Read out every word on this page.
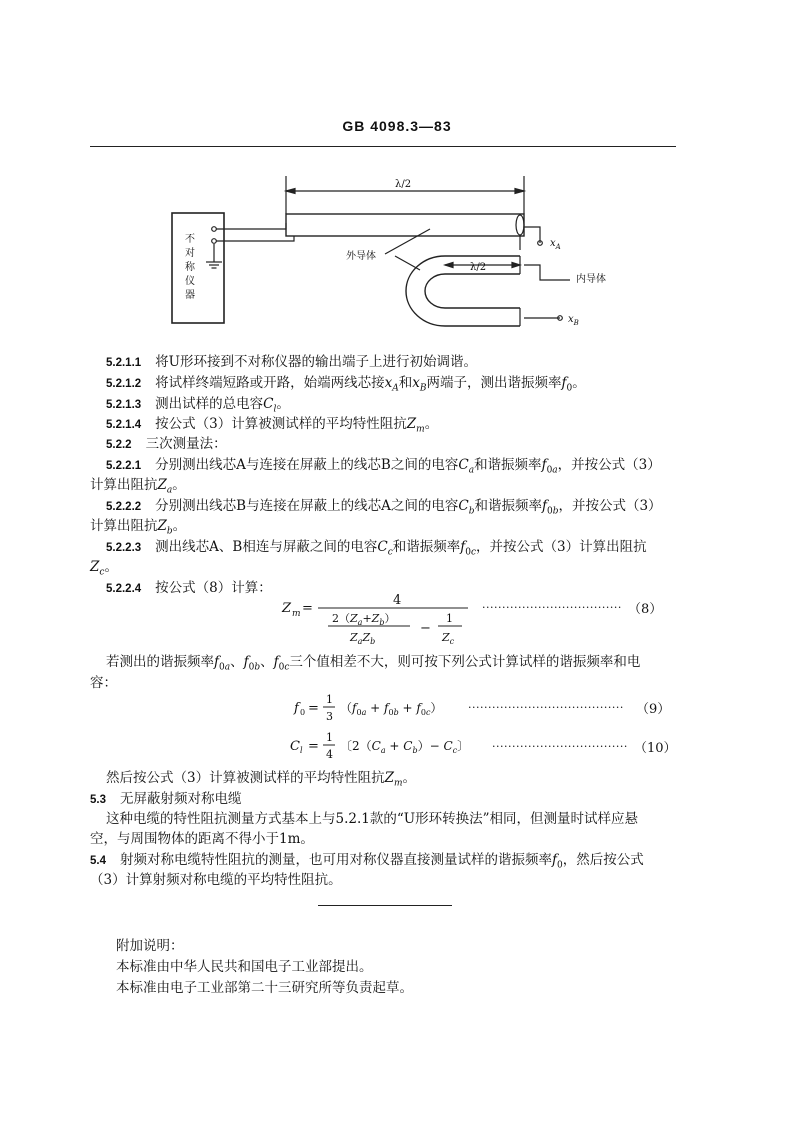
GB 4098.3—83
不
对
称
仪
器
λ/2
λ/2
外导体
内导体
$x_A$
$x_B$
5.2.1.1 将U形环接到不对称仪器的输出端子上进行初始调谐。
5.2.1.2 将试样终端短路或开路，始端两线芯接$x_A$和$x_B$两端子，测出谐振频率$f_0$。
5.2.1.3 测出试样的总电容$C_l$。
5.2.1.4 按公式（3）计算被测试样的平均特性阻抗$Z_m$。
5.2.2 三次测量法：
5.2.2.1 分别测出线芯A与连接在屏蔽上的线芯B之间的电容$C_a$和谐振频率$f_{0a}$，并按公式（3）
计算出阻抗$Z_a$。
5.2.2.2 分别测出线芯B与连接在屏蔽上的线芯A之间的电容$C_b$和谐振频率$f_{0b}$，并按公式（3）
计算出阻抗$Z_b$。
5.2.2.3 测出线芯A、B相连与屏蔽之间的电容$C_c$和谐振频率$f_{0c}$，并按公式（3）计算出阻抗
$Z_c$。
5.2.2.4 按公式（8）计算：
Z m =
4
$2(Z_a+Z_b)$
$Z_aZ_b$
−
1
$Z_c$
··································· （8）
若测出的谐振频率$f_{0a}$、$f_{0b}$、$f_{0c}$三个值相差不大，则可按下列公式计算试样的谐振频率和电
容：
f 0 =
1
3
$(f_0a + f_0b + f_0c)$ ······································· （9）
C l =
1
4
〔$2(C_a + C_b)- C_c$〕 ·································· （10）
然后按公式（3）计算被测试样的平均特性阻抗$Z_m$。
5.3 无屏蔽射频对称电缆
这种电缆的特性阻抗测量方式基本上与5.2.1款的“U形环转换法”相同，但测量时试样应悬
空，与周围物体的距离不得小于1m。
5.4 射频对称电缆特性阻抗的测量，也可用对称仪器直接测量试样的谐振频率$f_0$，然后按公式
（3）计算射频对称电缆的平均特性阻抗。
附加说明：
本标准由中华人民共和国电子工业部提出。
本标准由电子工业部第二十三研究所等负责起草。
